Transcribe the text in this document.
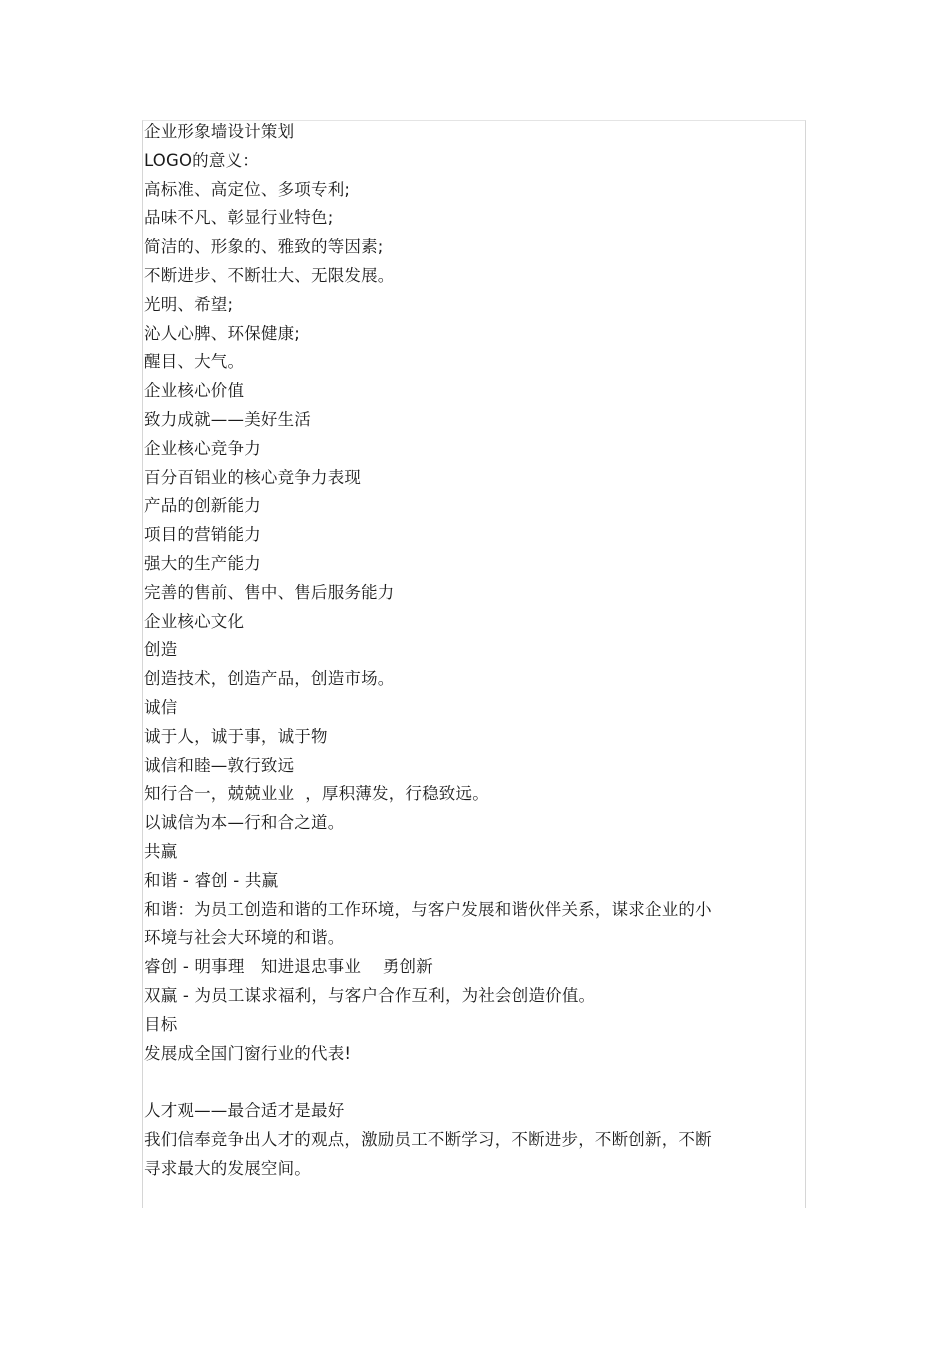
企业形象墙设计策划
LOGO的意义：
高标准、高定位、多项专利;
品味不凡、彰显行业特色;
简洁的、形象的、雅致的等因素;
不断进步、不断壮大、无限发展。
光明、希望;
沁人心脾、环保健康;
醒目、大气。
企业核心价值
致力成就——美好生活
企业核心竞争力
百分百铝业的核心竞争力表现
产品的创新能力
项目的营销能力
强大的生产能力
完善的售前、售中、售后服务能力
企业核心文化
创造
创造技术，创造产品，创造市场。
诚信
诚于人，诚于事，诚于物
诚信和睦—敦行致远
知行合一，兢兢业业  ，厚积薄发，行稳致远。
以诚信为本—行和合之道。
共赢
和谐 - 睿创 - 共赢
和谐：为员工创造和谐的工作环境，与客户发展和谐伙伴关系，谋求企业的小
环境与社会大环境的和谐。
睿创 - 明事理   知进退忠事业    勇创新
双赢 - 为员工谋求福利，与客户合作互利，为社会创造价值。
目标
发展成全国门窗行业的代表!
人才观——最合适才是最好
我们信奉竞争出人才的观点，激励员工不断学习，不断进步，不断创新，不断
寻求最大的发展空间。
